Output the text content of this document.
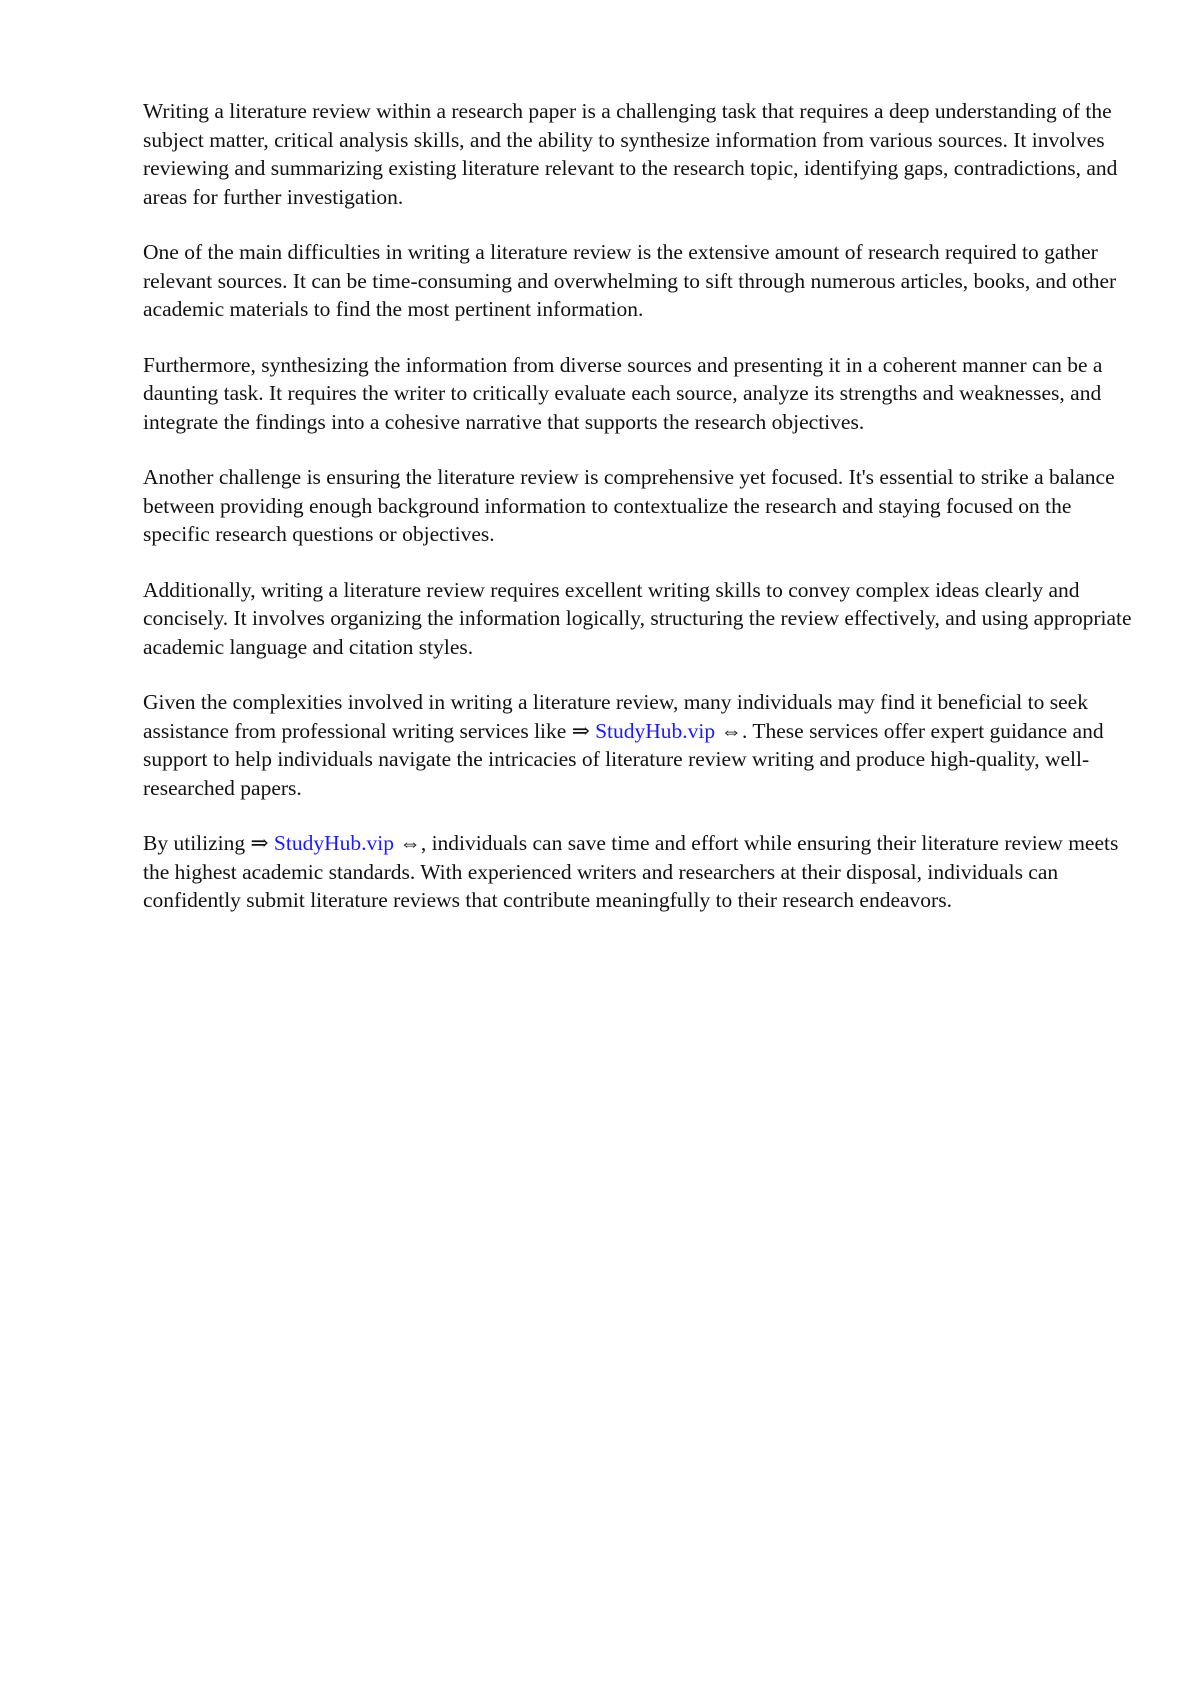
Writing a literature review within a research paper is a challenging task that requires a deep understanding of the subject matter, critical analysis skills, and the ability to synthesize information from various sources. It involves reviewing and summarizing existing literature relevant to the research topic, identifying gaps, contradictions, and areas for further investigation.

One of the main difficulties in writing a literature review is the extensive amount of research required to gather relevant sources. It can be time-consuming and overwhelming to sift through numerous articles, books, and other academic materials to find the most pertinent information.

Furthermore, synthesizing the information from diverse sources and presenting it in a coherent manner can be a daunting task. It requires the writer to critically evaluate each source, analyze its strengths and weaknesses, and integrate the findings into a cohesive narrative that supports the research objectives.

Another challenge is ensuring the literature review is comprehensive yet focused. It's essential to strike a balance between providing enough background information to contextualize the research and staying focused on the specific research questions or objectives.

Additionally, writing a literature review requires excellent writing skills to convey complex ideas clearly and concisely. It involves organizing the information logically, structuring the review effectively, and using appropriate academic language and citation styles.

Given the complexities involved in writing a literature review, many individuals may find it beneficial to seek assistance from professional writing services like ⇒ StudyHub.vip ⇔. These services offer expert guidance and support to help individuals navigate the intricacies of literature review writing and produce high-quality, well-researched papers.

By utilizing ⇒ StudyHub.vip ⇔, individuals can save time and effort while ensuring their literature review meets the highest academic standards. With experienced writers and researchers at their disposal, individuals can confidently submit literature reviews that contribute meaningfully to their research endeavors.
